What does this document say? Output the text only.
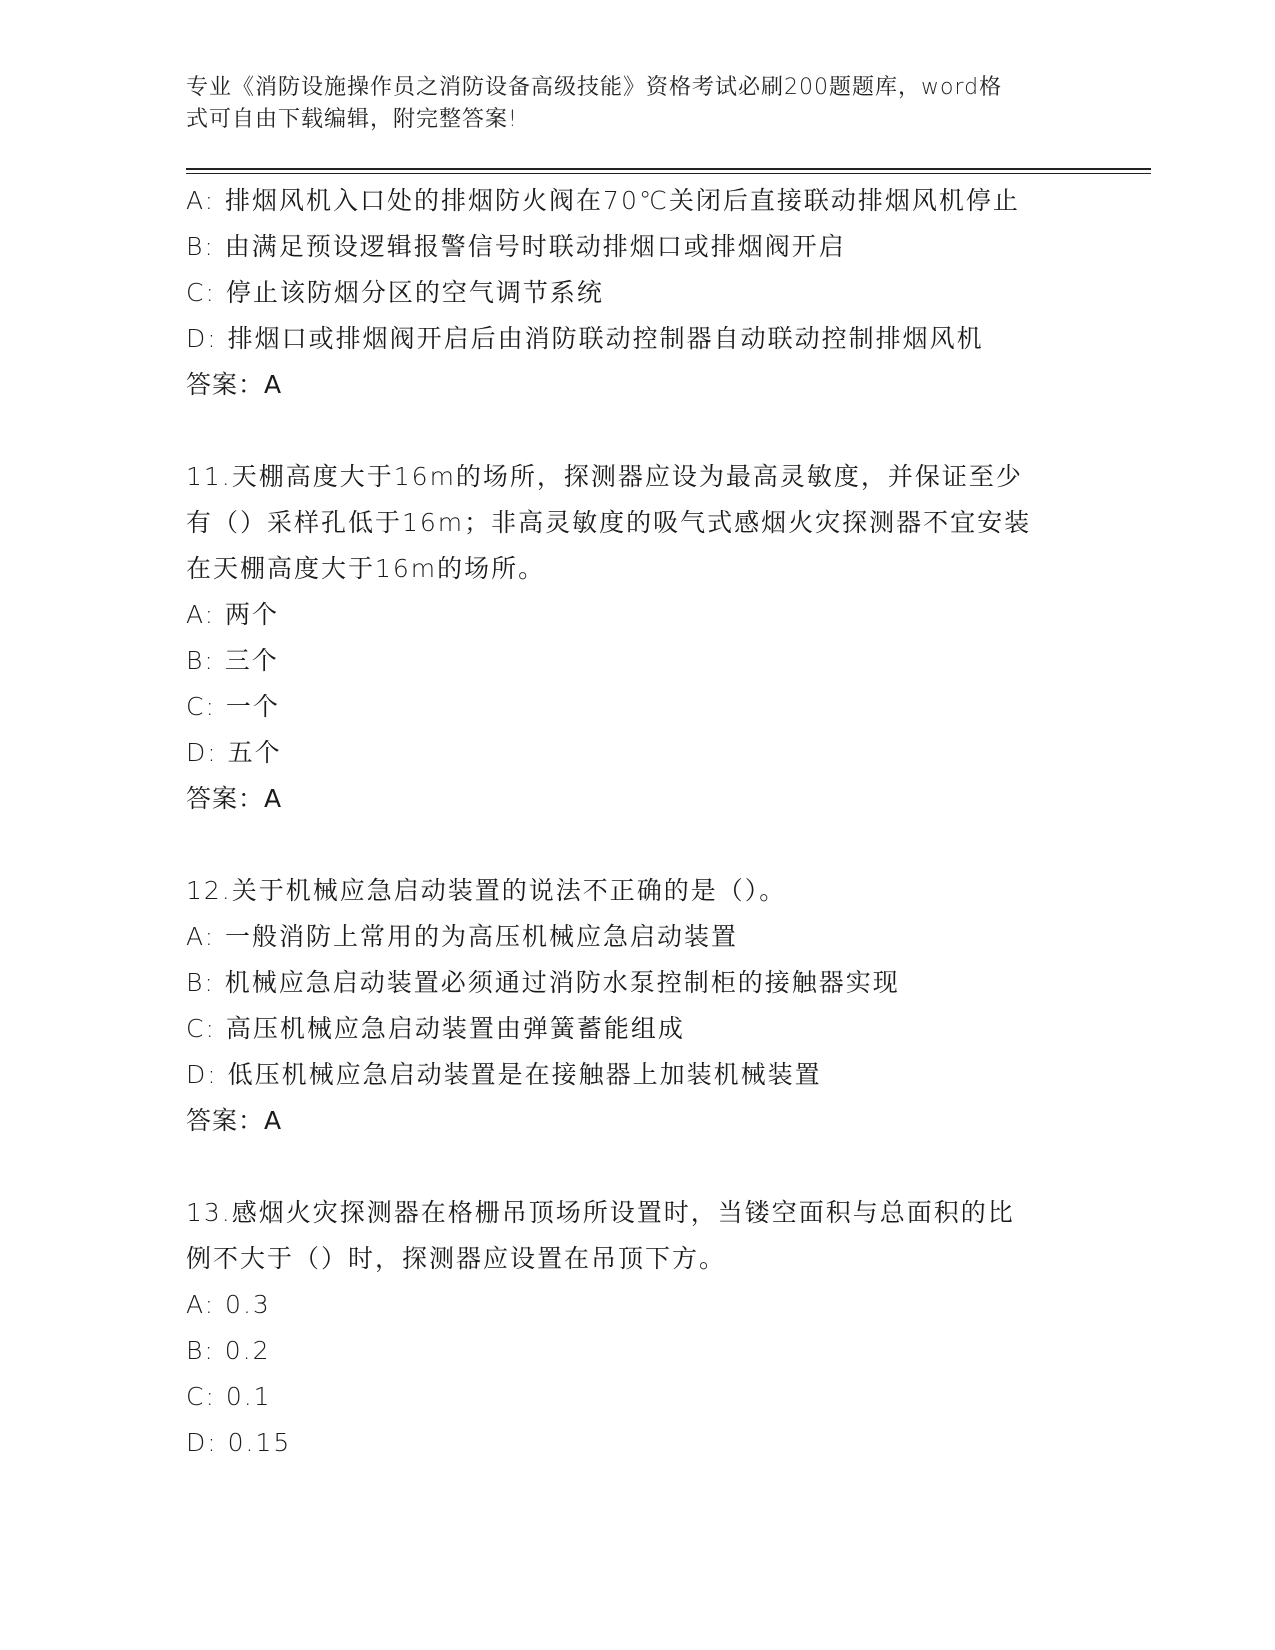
专业《消防设施操作员之消防设备高级技能》资格考试必刷200题题库，word格

式可自由下载编辑，附完整答案!

A: 排烟风机入口处的排烟防火阀在70℃关闭后直接联动排烟风机停止
B: 由满足预设逻辑报警信号时联动排烟口或排烟阀开启
C: 停止该防烟分区的空气调节系统
D: 排烟口或排烟阀开启后由消防联动控制器自动联动控制排烟风机
答案：A
11.天棚高度大于16m的场所，探测器应设为最高灵敏度，并保证至少
有（）采样孔低于16m；非高灵敏度的吸气式感烟火灾探测器不宜安装
在天棚高度大于16m的场所。
A: 两个
B: 三个
C: 一个
D: 五个
答案：A
12.关于机械应急启动装置的说法不正确的是（）。
A: 一般消防上常用的为高压机械应急启动装置
B: 机械应急启动装置必须通过消防水泵控制柜的接触器实现
C: 高压机械应急启动装置由弹簧蓄能组成
D: 低压机械应急启动装置是在接触器上加装机械装置
答案：A
13.感烟火灾探测器在格栅吊顶场所设置时，当镂空面积与总面积的比
例不大于（）时，探测器应设置在吊顶下方。
A: 0.3
B: 0.2
C: 0.1
D: 0.15
